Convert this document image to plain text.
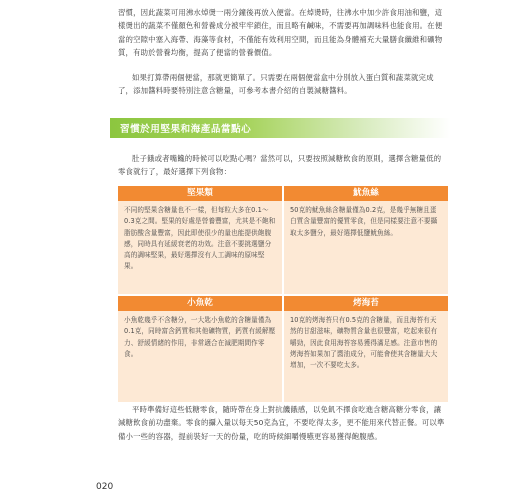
習慣，因此蔬菜可用沸水焯燙一兩分鐘後再放入便當。在焯燙時，往沸水中加少許食用油和鹽，這樣燙出的蔬菜不僅顏色和營養成分被牢牢鎖住，而且略有鹹味，不需要再加調味料也能食用。在便當的空隙中塞入海帶、海藻等食材，不僅能有效利用空間，而且能為身體補充大量膳食纖維和礦物質，有助於營養均衡，提高了便當的營養價值。

如果打算帶兩個便當，那就更簡單了。只需要在兩個便當盒中分別放入蛋白質和蔬菜就完成了，添加醬料時要特別注意含糖量，可參考本書介紹的自製減糖醬料。

習慣於用堅果和海產品當點心

肚子餓或者嘴饞的時候可以吃點心嗎？當然可以，只要按照減糖飲食的原則，選擇含糖量低的零食就行了，最好選擇下列食物：

堅果類	魷魚絲
不同的堅果含糖量也不一樣，但每粒大多在0.1～0.3克之間。堅果的好處是營養豐富，尤其是不飽和脂肪酸含量豐富，因此即使很少的量也能提供飽腹感，同時具有延緩衰老的功效。注意不要挑選鹽分高的調味堅果，最好選擇沒有人工調味的原味堅果。	50克的魷魚絲含糖量僅為0.2克，是幾乎無糖且蛋白質含量豐富的優質零食，但是同樣要注意不要攝取太多鹽分，最好選擇低鹽魷魚絲。

小魚乾	烤海苔
小魚乾幾乎不含糖分，一大匙小魚乾的含糖量僅為0.1克，同時富含鈣質和其他礦物質，鈣質有緩解壓力、舒緩情緒的作用，非常適合在減肥期間作零食。	10克的烤海苔只有0.5克的含糖量，而且海苔有天然的甘甜滋味，礦物質含量也很豐富，吃起來很有嚼勁，因此食用海苔容易獲得滿足感。注意市售的烤海苔如果加了醬油成分，可能會使其含糖量大大增加，一次不要吃太多。

平時準備好這些低糖零食，隨時帶在身上對抗饑餓感，以免飢不擇食吃進含糖高糖分零食，讓減糖飲食前功盡棄。零食的攝入量以每天50克為宜，不要吃得太多，更不能用來代替正餐。可以準備小一些的容器，提前裝好一天的份量，吃的時候細嚼慢嚥更容易獲得飽腹感。

020
